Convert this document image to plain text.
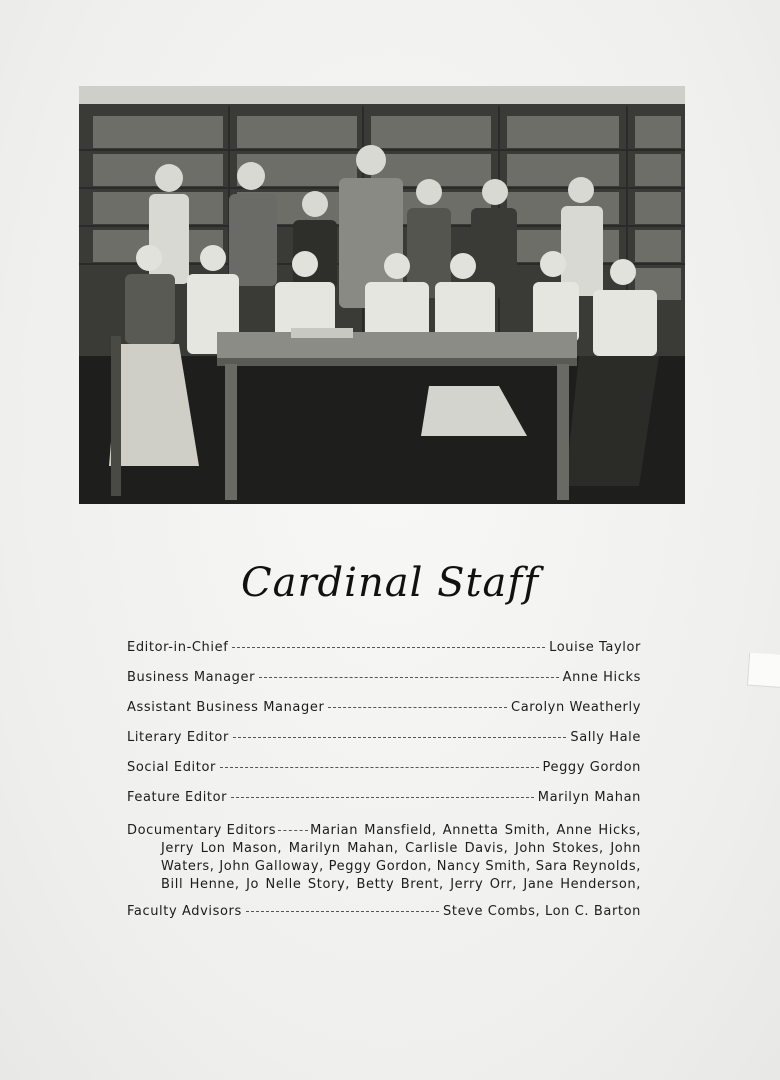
Cardinal Staff
Editor-in-Chief	Louise Taylor
Business Manager	Anne Hicks
Assistant Business Manager	Carolyn Weatherly
Literary Editor	Sally Hale
Social Editor	Peggy Gordon
Feature Editor	Marilyn Mahan
Documentary Editors	Marian Mansfield, Annetta Smith, Anne Hicks,
Jerry Lon Mason, Marilyn Mahan, Carlisle Davis, John Stokes, John
Waters, John Galloway, Peggy Gordon, Nancy Smith, Sara Reynolds,
Bill Henne, Jo Nelle Story, Betty Brent, Jerry Orr, Jane Henderson,
Faculty Advisors	Steve Combs, Lon C. Barton
